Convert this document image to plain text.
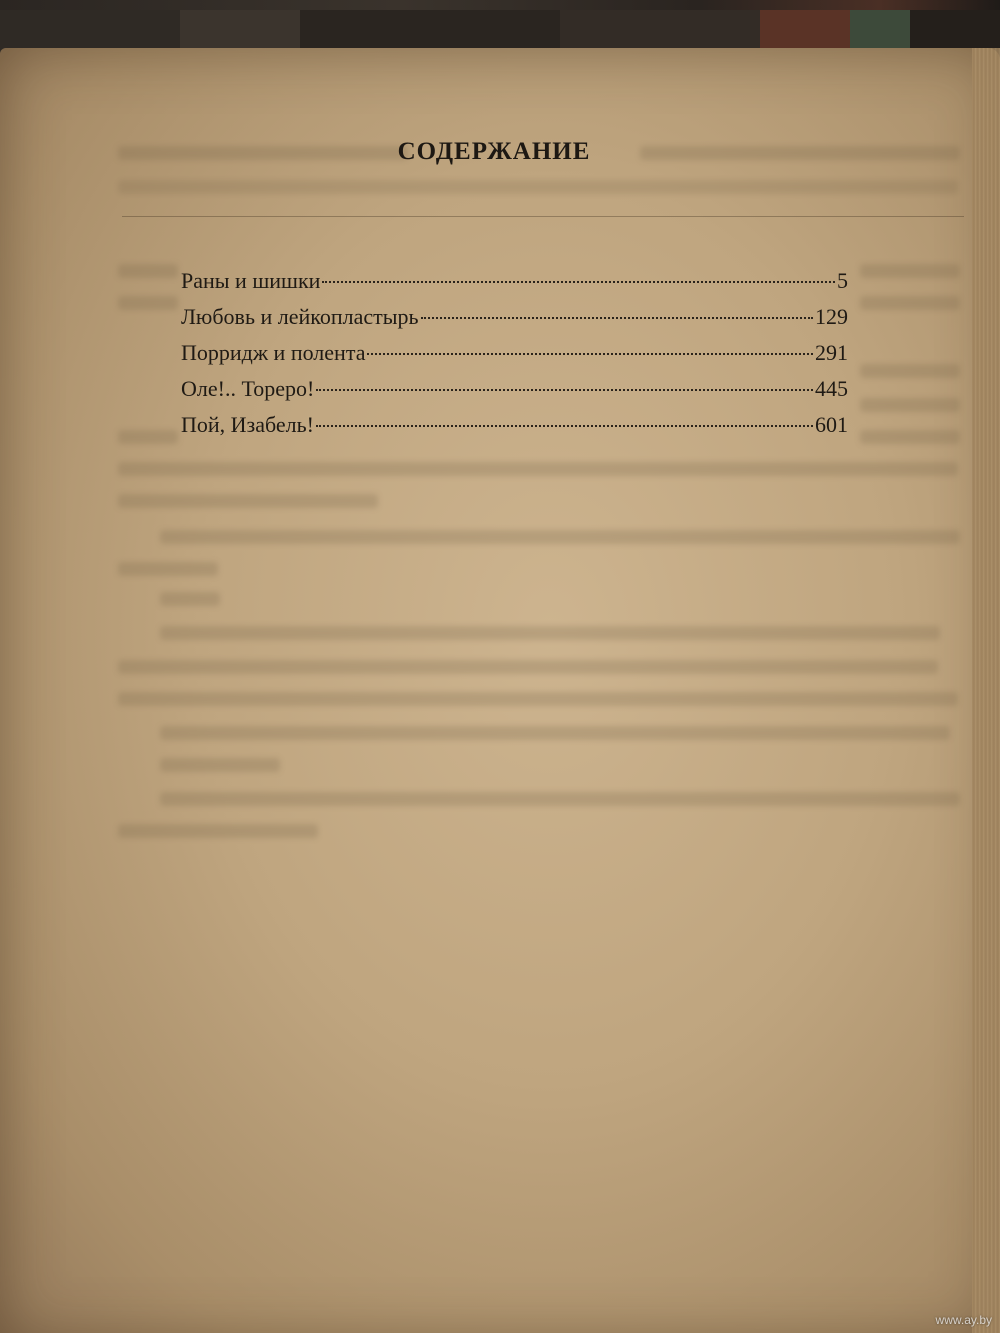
СОДЕРЖАНИЕ
Раны и шишки	5
Любовь и лейкопластырь	129
Порридж и полента	291
Оле!.. Тореро!	445
Пой, Изабель!	601
www.ay.by
